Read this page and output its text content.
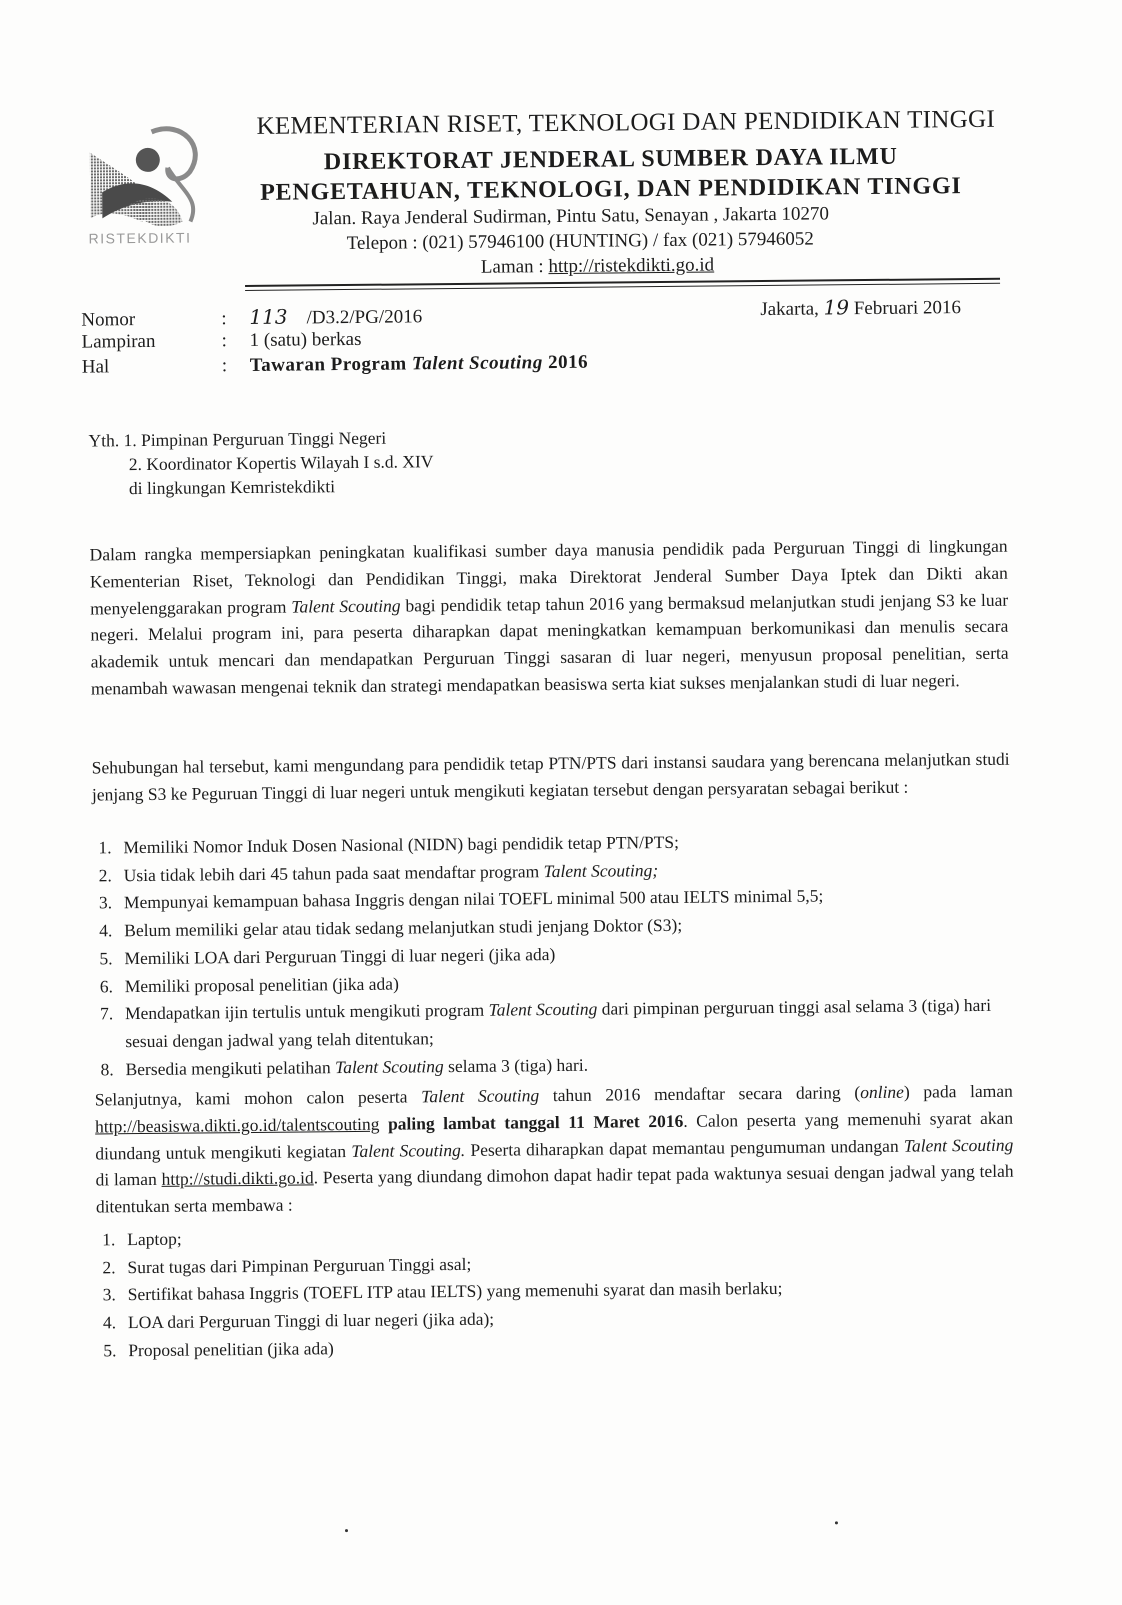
RISTEKDIKTI
KEMENTERIAN RISET, TEKNOLOGI DAN PENDIDIKAN TINGGI
DIREKTORAT JENDERAL SUMBER DAYA ILMU
PENGETAHUAN, TEKNOLOGI, DAN PENDIDIKAN TINGGI
Jalan. Raya Jenderal Sudirman, Pintu Satu, Senayan , Jakarta 10270
Telepon : (021) 57946100 (HUNTING) / fax (021) 57946052
Laman : http://ristekdikti.go.id
Nomor	: 113 /D3.2/PG/2016
Lampiran	: 1 (satu) berkas
Hal	: Tawaran Program Talent Scouting 2016
Jakarta, 19 Februari 2016
Yth. 1. Pimpinan Perguruan Tinggi Negeri
2. Koordinator Kopertis Wilayah I s.d. XIV
di lingkungan Kemristekdikti
Dalam rangka mempersiapkan peningkatan kualifikasi sumber daya manusia pendidik pada Perguruan Tinggi di lingkungan Kementerian Riset, Teknologi dan Pendidikan Tinggi, maka Direktorat Jenderal Sumber Daya Iptek dan Dikti akan menyelenggarakan program Talent Scouting bagi pendidik tetap tahun 2016 yang bermaksud melanjutkan studi jenjang S3 ke luar negeri. Melalui program ini, para peserta diharapkan dapat meningkatkan kemampuan berkomunikasi dan menulis secara akademik untuk mencari dan mendapatkan Perguruan Tinggi sasaran di luar negeri, menyusun proposal penelitian, serta menambah wawasan mengenai teknik dan strategi mendapatkan beasiswa serta kiat sukses menjalankan studi di luar negeri.
Sehubungan hal tersebut, kami mengundang para pendidik tetap PTN/PTS dari instansi saudara yang berencana melanjutkan studi jenjang S3 ke Peguruan Tinggi di luar negeri untuk mengikuti kegiatan tersebut dengan persyaratan sebagai berikut :
1. Memiliki Nomor Induk Dosen Nasional (NIDN) bagi pendidik tetap PTN/PTS;
2. Usia tidak lebih dari 45 tahun pada saat mendaftar program Talent Scouting;
3. Mempunyai kemampuan bahasa Inggris dengan nilai TOEFL minimal 500 atau IELTS minimal 5,5;
4. Belum memiliki gelar atau tidak sedang melanjutkan studi jenjang Doktor (S3);
5. Memiliki LOA dari Perguruan Tinggi di luar negeri (jika ada)
6. Memiliki proposal penelitian (jika ada)
7. Mendapatkan ijin tertulis untuk mengikuti program Talent Scouting dari pimpinan perguruan tinggi asal selama 3 (tiga) hari sesuai dengan jadwal yang telah ditentukan;
8. Bersedia mengikuti pelatihan Talent Scouting selama 3 (tiga) hari.
Selanjutnya, kami mohon calon peserta Talent Scouting tahun 2016 mendaftar secara daring (online) pada laman http://beasiswa.dikti.go.id/talentscouting paling lambat tanggal 11 Maret 2016. Calon peserta yang memenuhi syarat akan diundang untuk mengikuti kegiatan Talent Scouting. Peserta diharapkan dapat memantau pengumuman undangan Talent Scouting di laman http://studi.dikti.go.id. Peserta yang diundang dimohon dapat hadir tepat pada waktunya sesuai dengan jadwal yang telah ditentukan serta membawa :
1. Laptop;
2. Surat tugas dari Pimpinan Perguruan Tinggi asal;
3. Sertifikat bahasa Inggris (TOEFL ITP atau IELTS) yang memenuhi syarat dan masih berlaku;
4. LOA dari Perguruan Tinggi di luar negeri (jika ada);
5. Proposal penelitian (jika ada)
